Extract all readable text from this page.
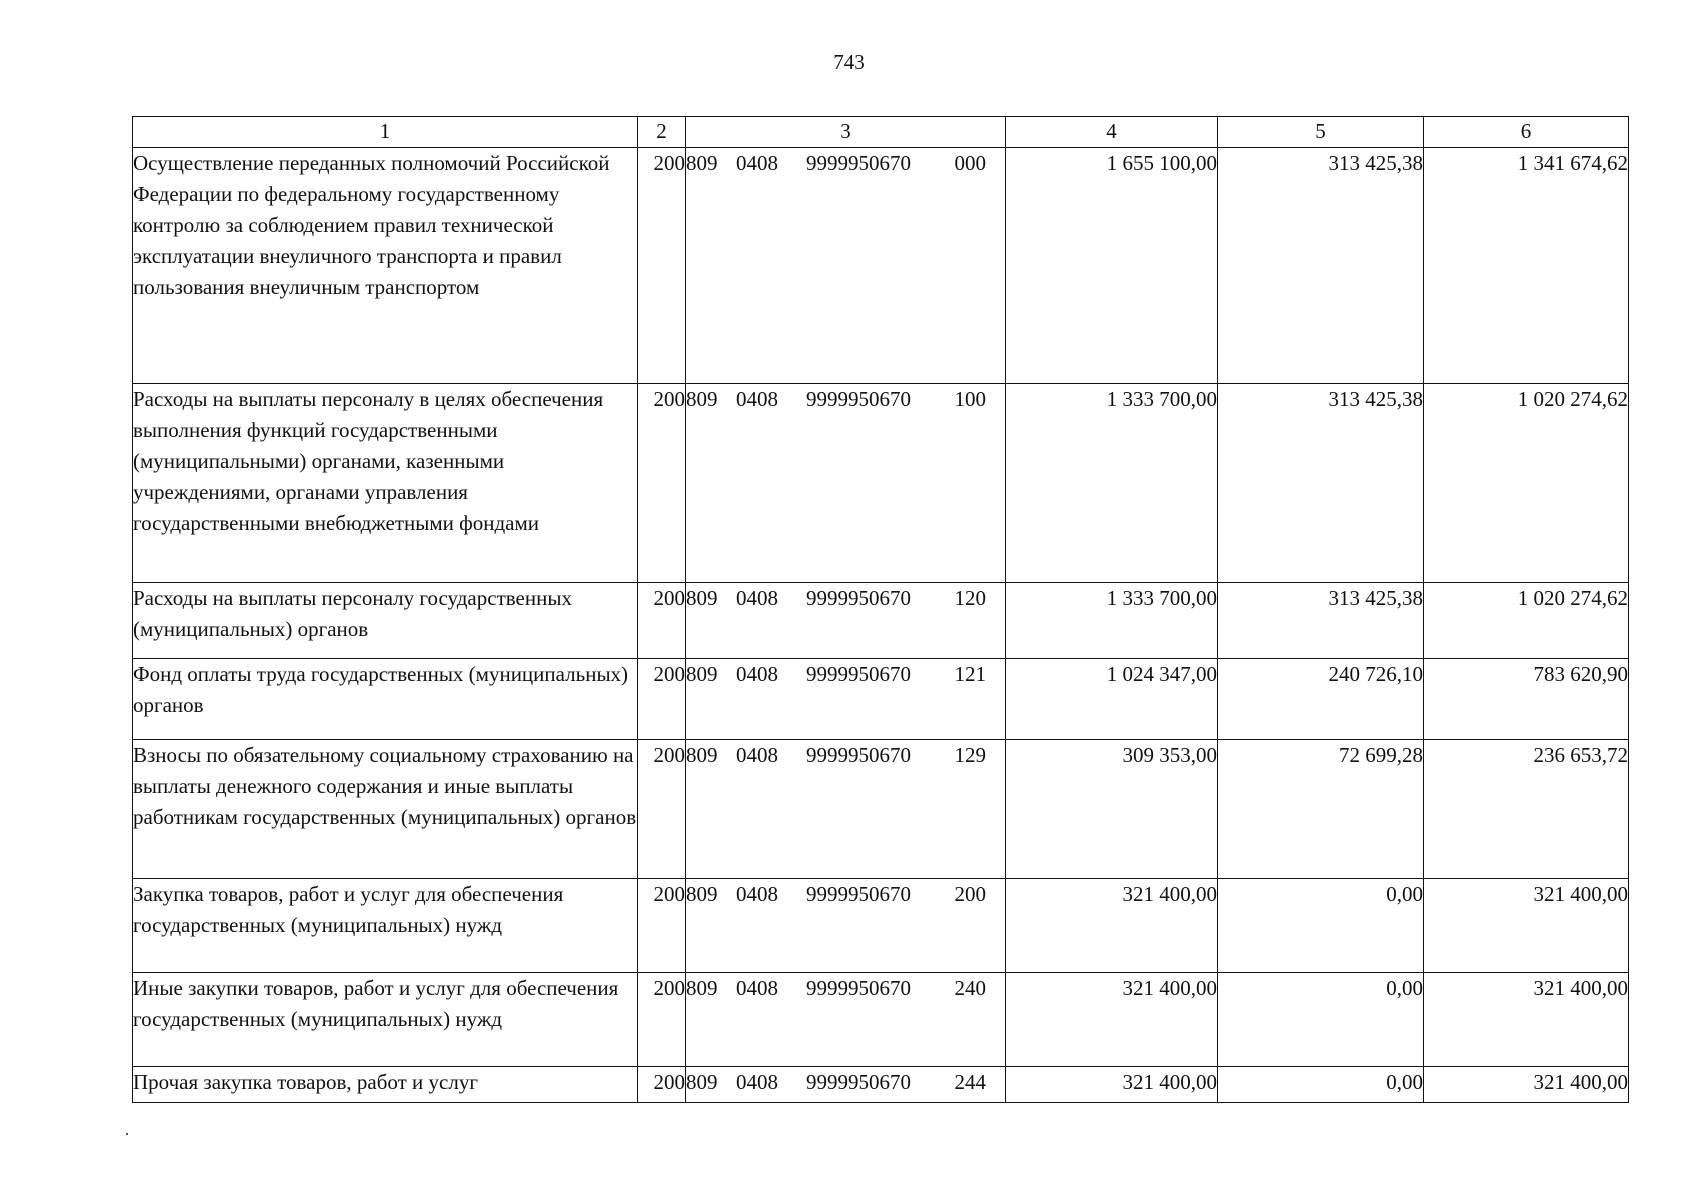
743
1	2	3	4	5	6
Осуществление переданных полномочий Российской Федерации по федеральному государственному контролю за соблюдением правил технической эксплуатации внеуличного транспорта и правил пользования внеуличным транспортом	200	809 0408 9999950670 000	1 655 100,00	313 425,38	1 341 674,62
Расходы на выплаты персоналу в целях обеспечения выполнения функций государственными (муниципальными) органами, казенными учреждениями, органами управления государственными внебюджетными фондами	200	809 0408 9999950670 100	1 333 700,00	313 425,38	1 020 274,62
Расходы на выплаты персоналу государственных (муниципальных) органов	200	809 0408 9999950670 120	1 333 700,00	313 425,38	1 020 274,62
Фонд оплаты труда государственных (муниципальных) органов	200	809 0408 9999950670 121	1 024 347,00	240 726,10	783 620,90
Взносы по обязательному социальному страхованию на выплаты денежного содержания и иные выплаты работникам государственных (муниципальных) органов	200	809 0408 9999950670 129	309 353,00	72 699,28	236 653,72
Закупка товаров, работ и услуг для обеспечения государственных (муниципальных) нужд	200	809 0408 9999950670 200	321 400,00	0,00	321 400,00
Иные закупки товаров, работ и услуг для обеспечения государственных (муниципальных) нужд	200	809 0408 9999950670 240	321 400,00	0,00	321 400,00
Прочая закупка товаров, работ и услуг	200	809 0408 9999950670 244	321 400,00	0,00	321 400,00
